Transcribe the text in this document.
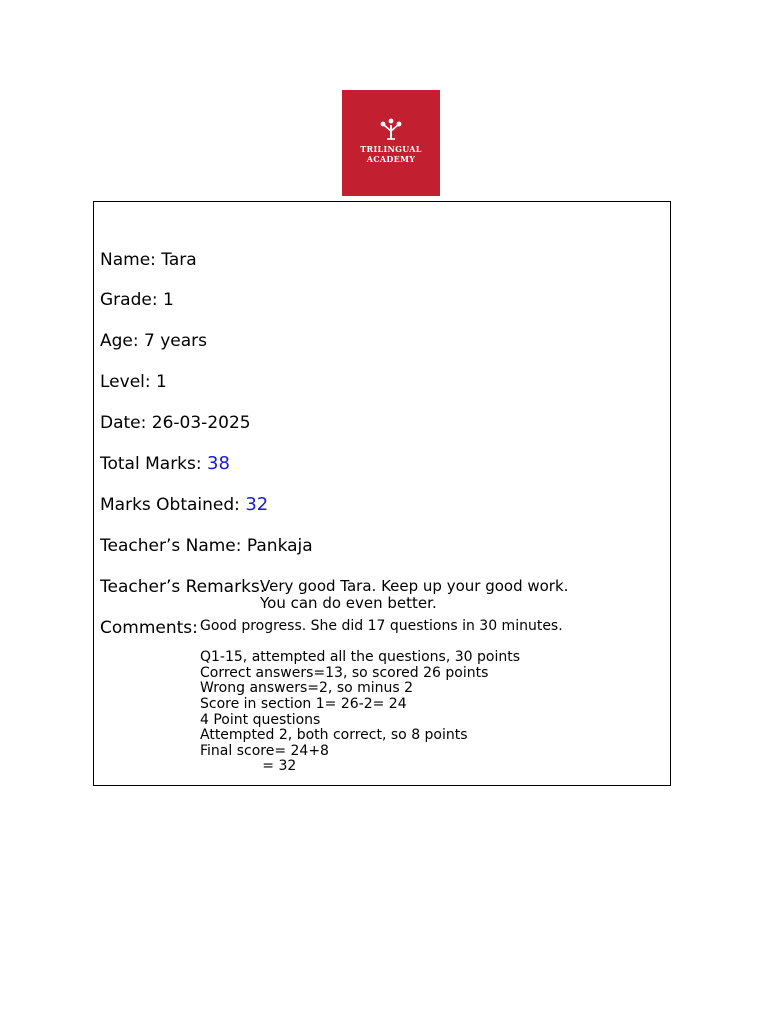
TRILINGUAL
ACADEMY
Name: Tara
Grade: 1
Age: 7 years
Level: 1
Date: 26-03-2025
Total Marks: 38
Marks Obtained: 32
Teacher’s Name: Pankaja
Teacher’s Remarks:
Very good Tara. Keep up your good work.
You can do even better.
Comments: Good progress. She did 17 questions in 30 minutes.
Q1-15, attempted all the questions, 30 points
Correct answers=13, so scored 26 points
Wrong answers=2, so minus 2
Score in section 1= 26-2= 24
4 Point questions
Attempted 2, both correct, so 8 points
Final score= 24+8
= 32
